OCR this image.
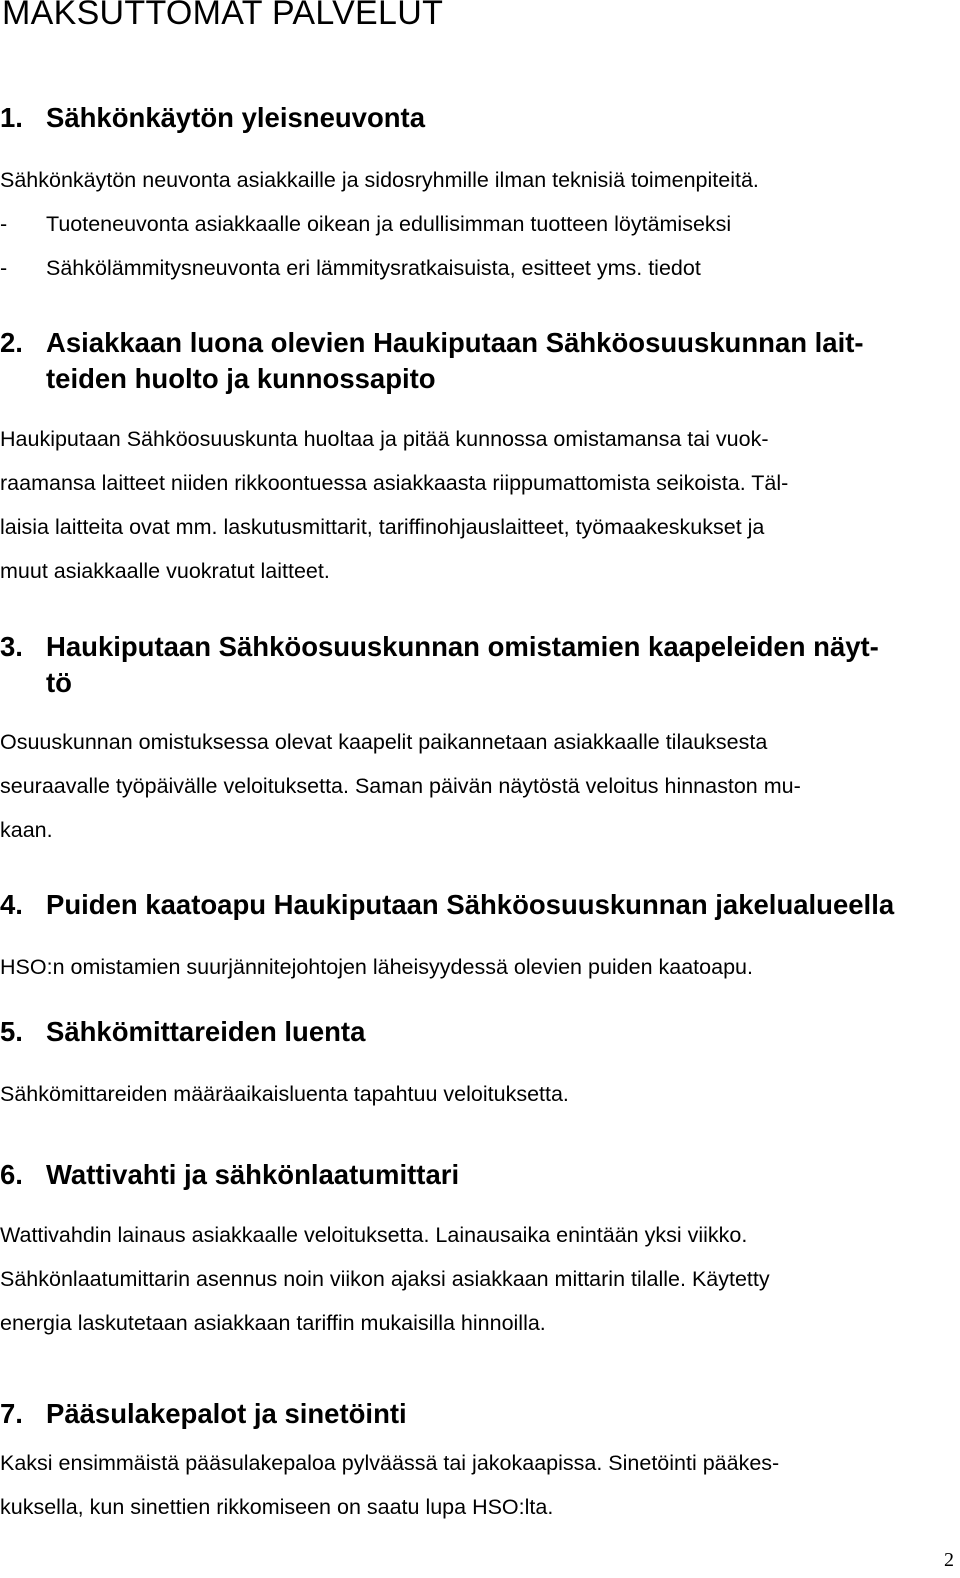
MAKSUTTOMAT PALVELUT
1. Sähkönkäytön yleisneuvonta
Sähkönkäytön neuvonta asiakkaille ja sidosryhmille ilman teknisiä toimenpiteitä.
- Tuoteneuvonta asiakkaalle oikean ja edullisimman tuotteen löytämiseksi
- Sähkölämmitysneuvonta eri lämmitysratkaisuista, esitteet yms. tiedot
2. Asiakkaan luona olevien Haukiputaan Sähköosuuskunnan lait-
teiden huolto ja kunnossapito
Haukiputaan Sähköosuuskunta huoltaa ja pitää kunnossa omistamansa tai vuok-
raamansa laitteet niiden rikkoontuessa asiakkaasta riippumattomista seikoista. Täl-
laisia laitteita ovat mm. laskutusmittarit, tariffinohjauslaitteet, työmaakeskukset ja
muut asiakkaalle vuokratut laitteet.
3. Haukiputaan Sähköosuuskunnan omistamien kaapeleiden näyt-
tö
Osuuskunnan omistuksessa olevat kaapelit paikannetaan asiakkaalle tilauksesta
seuraavalle työpäivälle veloituksetta. Saman päivän näytöstä veloitus hinnaston mu-
kaan.
4. Puiden kaatoapu Haukiputaan Sähköosuuskunnan jakelualueella
HSO:n omistamien suurjännitejohtojen läheisyydessä olevien puiden kaatoapu.
5. Sähkömittareiden luenta
Sähkömittareiden määräaikaisluenta tapahtuu veloituksetta.
6. Wattivahti ja sähkönlaatumittari
Wattivahdin lainaus asiakkaalle veloituksetta. Lainausaika enintään yksi viikko.
Sähkönlaatumittarin asennus noin viikon ajaksi asiakkaan mittarin tilalle. Käytetty
energia laskutetaan asiakkaan tariffin mukaisilla hinnoilla.
7. Pääsulakepalot ja sinetöinti
Kaksi ensimmäistä pääsulakepaloa pylväässä tai jakokaapissa. Sinetöinti pääkes-
kuksella, kun sinettien rikkomiseen on saatu lupa HSO:lta.
2
